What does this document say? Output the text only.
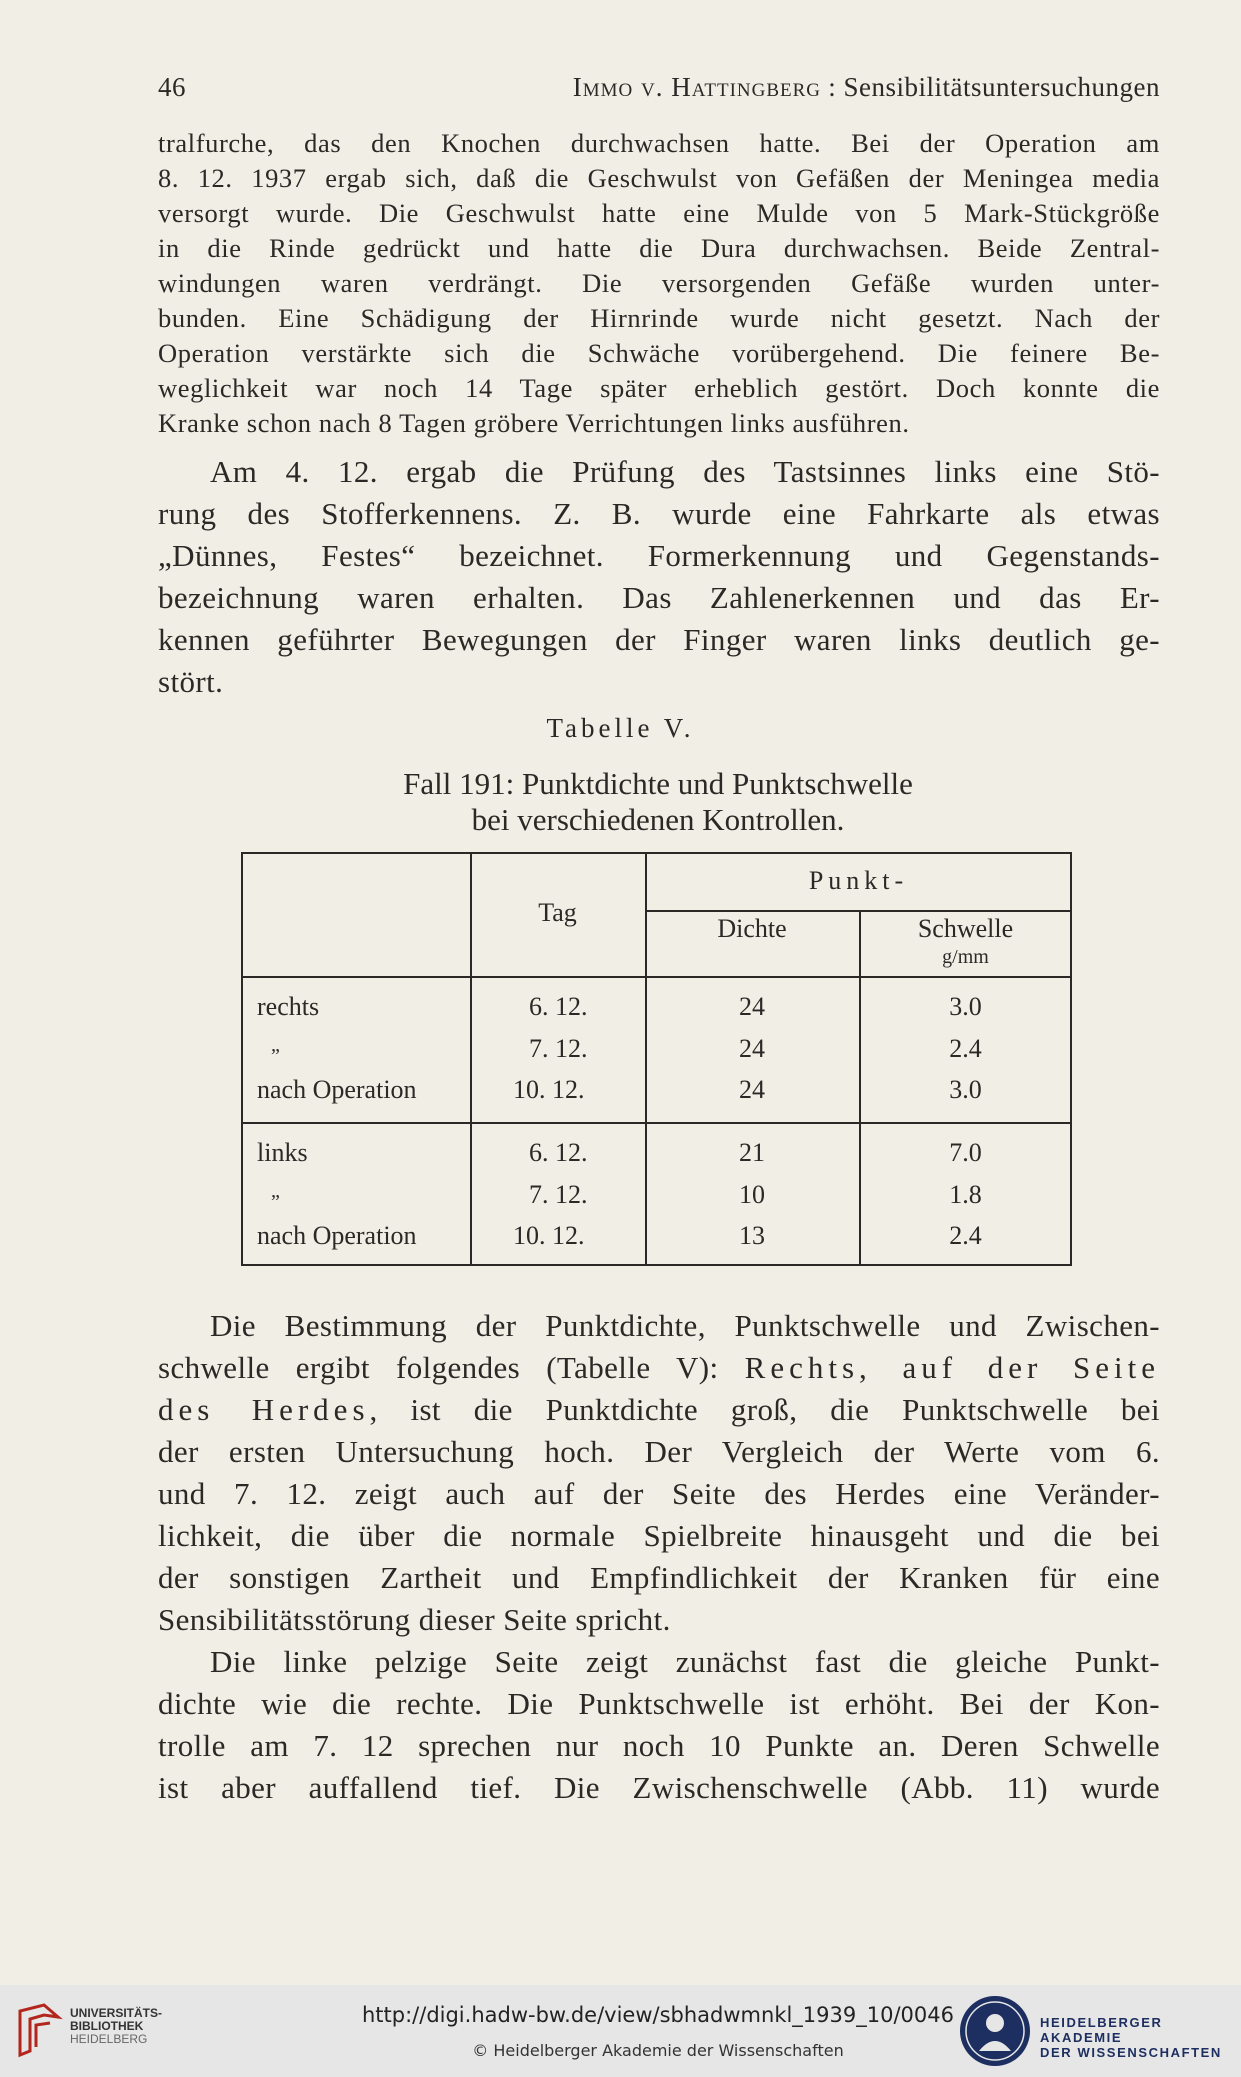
46	Immo v. Hattingberg : Sensibilitätsuntersuchungen
tralfurche, das den Knochen durchwachsen hatte. Bei der Operation am
8. 12. 1937 ergab sich, daß die Geschwulst von Gefäßen der Meningea media
versorgt wurde. Die Geschwulst hatte eine Mulde von 5 Mark-Stückgröße
in die Rinde gedrückt und hatte die Dura durchwachsen. Beide Zentral-
windungen waren verdrängt. Die versorgenden Gefäße wurden unter-
bunden. Eine Schädigung der Hirnrinde wurde nicht gesetzt. Nach der
Operation verstärkte sich die Schwäche vorübergehend. Die feinere Be-
weglichkeit war noch 14 Tage später erheblich gestört. Doch konnte die
Kranke schon nach 8 Tagen gröbere Verrichtungen links ausführen.
Am 4. 12. ergab die Prüfung des Tastsinnes links eine Stö-
rung des Stofferkennens. Z. B. wurde eine Fahrkarte als etwas
„Dünnes, Festes“ bezeichnet. Formerkennung und Gegenstands-
bezeichnung waren erhalten. Das Zahlenerkennen und das Er-
kennen geführter Bewegungen der Finger waren links deutlich ge-
stört.
Tabelle V.
Fall 191: Punktdichte und Punktschwelle
bei verschiedenen Kontrollen.
Tag
Punkt-
Dichte	Schwelle
g/mm
rechts	6. 12.	24	3.0
„	7. 12.	24	2.4
nach Operation	10. 12.	24	3.0
links	6. 12.	21	7.0
„	7. 12.	10	1.8
nach Operation	10. 12.	13	2.4
Die Bestimmung der Punktdichte, Punktschwelle und Zwischen-
schwelle ergibt folgendes (Tabelle V): Rechts, auf der Seite
des Herdes, ist die Punktdichte groß, die Punktschwelle bei
der ersten Untersuchung hoch. Der Vergleich der Werte vom 6.
und 7. 12. zeigt auch auf der Seite des Herdes eine Veränder-
lichkeit, die über die normale Spielbreite hinausgeht und die bei
der sonstigen Zartheit und Empfindlichkeit der Kranken für eine
Sensibilitätsstörung dieser Seite spricht.
Die linke pelzige Seite zeigt zunächst fast die gleiche Punkt-
dichte wie die rechte. Die Punktschwelle ist erhöht. Bei der Kon-
trolle am 7. 12 sprechen nur noch 10 Punkte an. Deren Schwelle
ist aber auffallend tief. Die Zwischenschwelle (Abb. 11) wurde
UNIVERSITÄTS-
BIBLIOTHEK
HEIDELBERG
http://digi.hadw-bw.de/view/sbhadwmnkl_1939_10/0046
© Heidelberger Akademie der Wissenschaften
HEIDELBERGER AKADEMIE
DER WISSENSCHAFTEN
